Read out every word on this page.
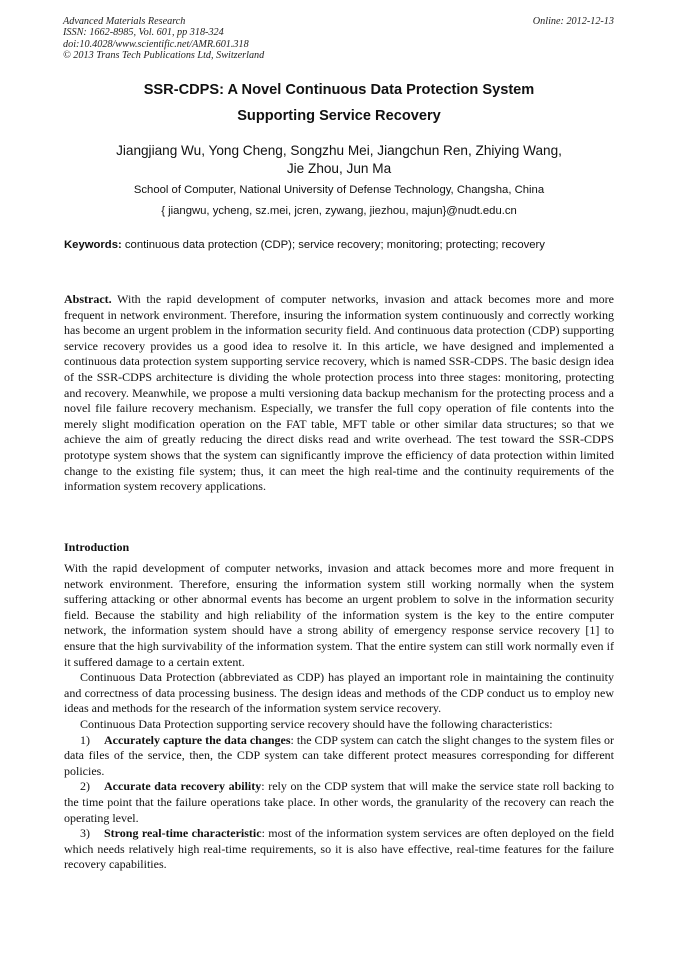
Advanced Materials Research
ISSN: 1662-8985, Vol. 601, pp 318-324
doi:10.4028/www.scientific.net/AMR.601.318
© 2013 Trans Tech Publications Ltd, Switzerland
Online: 2012-12-13
SSR-CDPS: A Novel Continuous Data Protection System
Supporting Service Recovery
Jiangjiang Wu, Yong Cheng, Songzhu Mei, Jiangchun Ren, Zhiying Wang,
Jie Zhou, Jun Ma
School of Computer, National University of Defense Technology, Changsha, China
{ jiangwu, ycheng, sz.mei, jcren, zywang, jiezhou, majun}@nudt.edu.cn
Keywords: continuous data protection (CDP); service recovery; monitoring; protecting; recovery
Abstract. With the rapid development of computer networks, invasion and attack becomes more and more frequent in network environment. Therefore, insuring the information system continuously and correctly working has become an urgent problem in the information security field. And continuous data protection (CDP) supporting service recovery provides us a good idea to resolve it. In this article, we have designed and implemented a continuous data protection system supporting service recovery, which is named SSR-CDPS. The basic design idea of the SSR-CDPS architecture is dividing the whole protection process into three stages: monitoring, protecting and recovery. Meanwhile, we propose a multi versioning data backup mechanism for the protecting process and a novel file failure recovery mechanism. Especially, we transfer the full copy operation of file contents into the merely slight modification operation on the FAT table, MFT table or other similar data structures; so that we achieve the aim of greatly reducing the direct disks read and write overhead. The test toward the SSR-CDPS prototype system shows that the system can significantly improve the efficiency of data protection within limited change to the existing file system; thus, it can meet the high real-time and the continuity requirements of the information system recovery applications.
Introduction

With the rapid development of computer networks, invasion and attack becomes more and more frequent in network environment. Therefore, ensuring the information system still working normally when the system suffering attacking or other abnormal events has become an urgent problem to solve in the information security field. Because the stability and high reliability of the information system is the key to the entire computer network, the information system should have a strong ability of emergency response service recovery [1] to ensure that the high survivability of the information system. That the entire system can still work normally even if it suffered damage to a certain extent.

Continuous Data Protection (abbreviated as CDP) has played an important role in maintaining the continuity and correctness of data processing business. The design ideas and methods of the CDP conduct us to employ new ideas and methods for the research of the information system service recovery.

Continuous Data Protection supporting service recovery should have the following characteristics:

1) Accurately capture the data changes: the CDP system can catch the slight changes to the system files or data files of the service, then, the CDP system can take different protect measures corresponding for different policies.

2) Accurate data recovery ability: rely on the CDP system that will make the service state roll backing to the time point that the failure operations take place. In other words, the granularity of the recovery can reach the operating level.

3) Strong real-time characteristic: most of the information system services are often deployed on the field which needs relatively high real-time requirements, so it is also have effective, real-time features for the failure recovery capabilities.
